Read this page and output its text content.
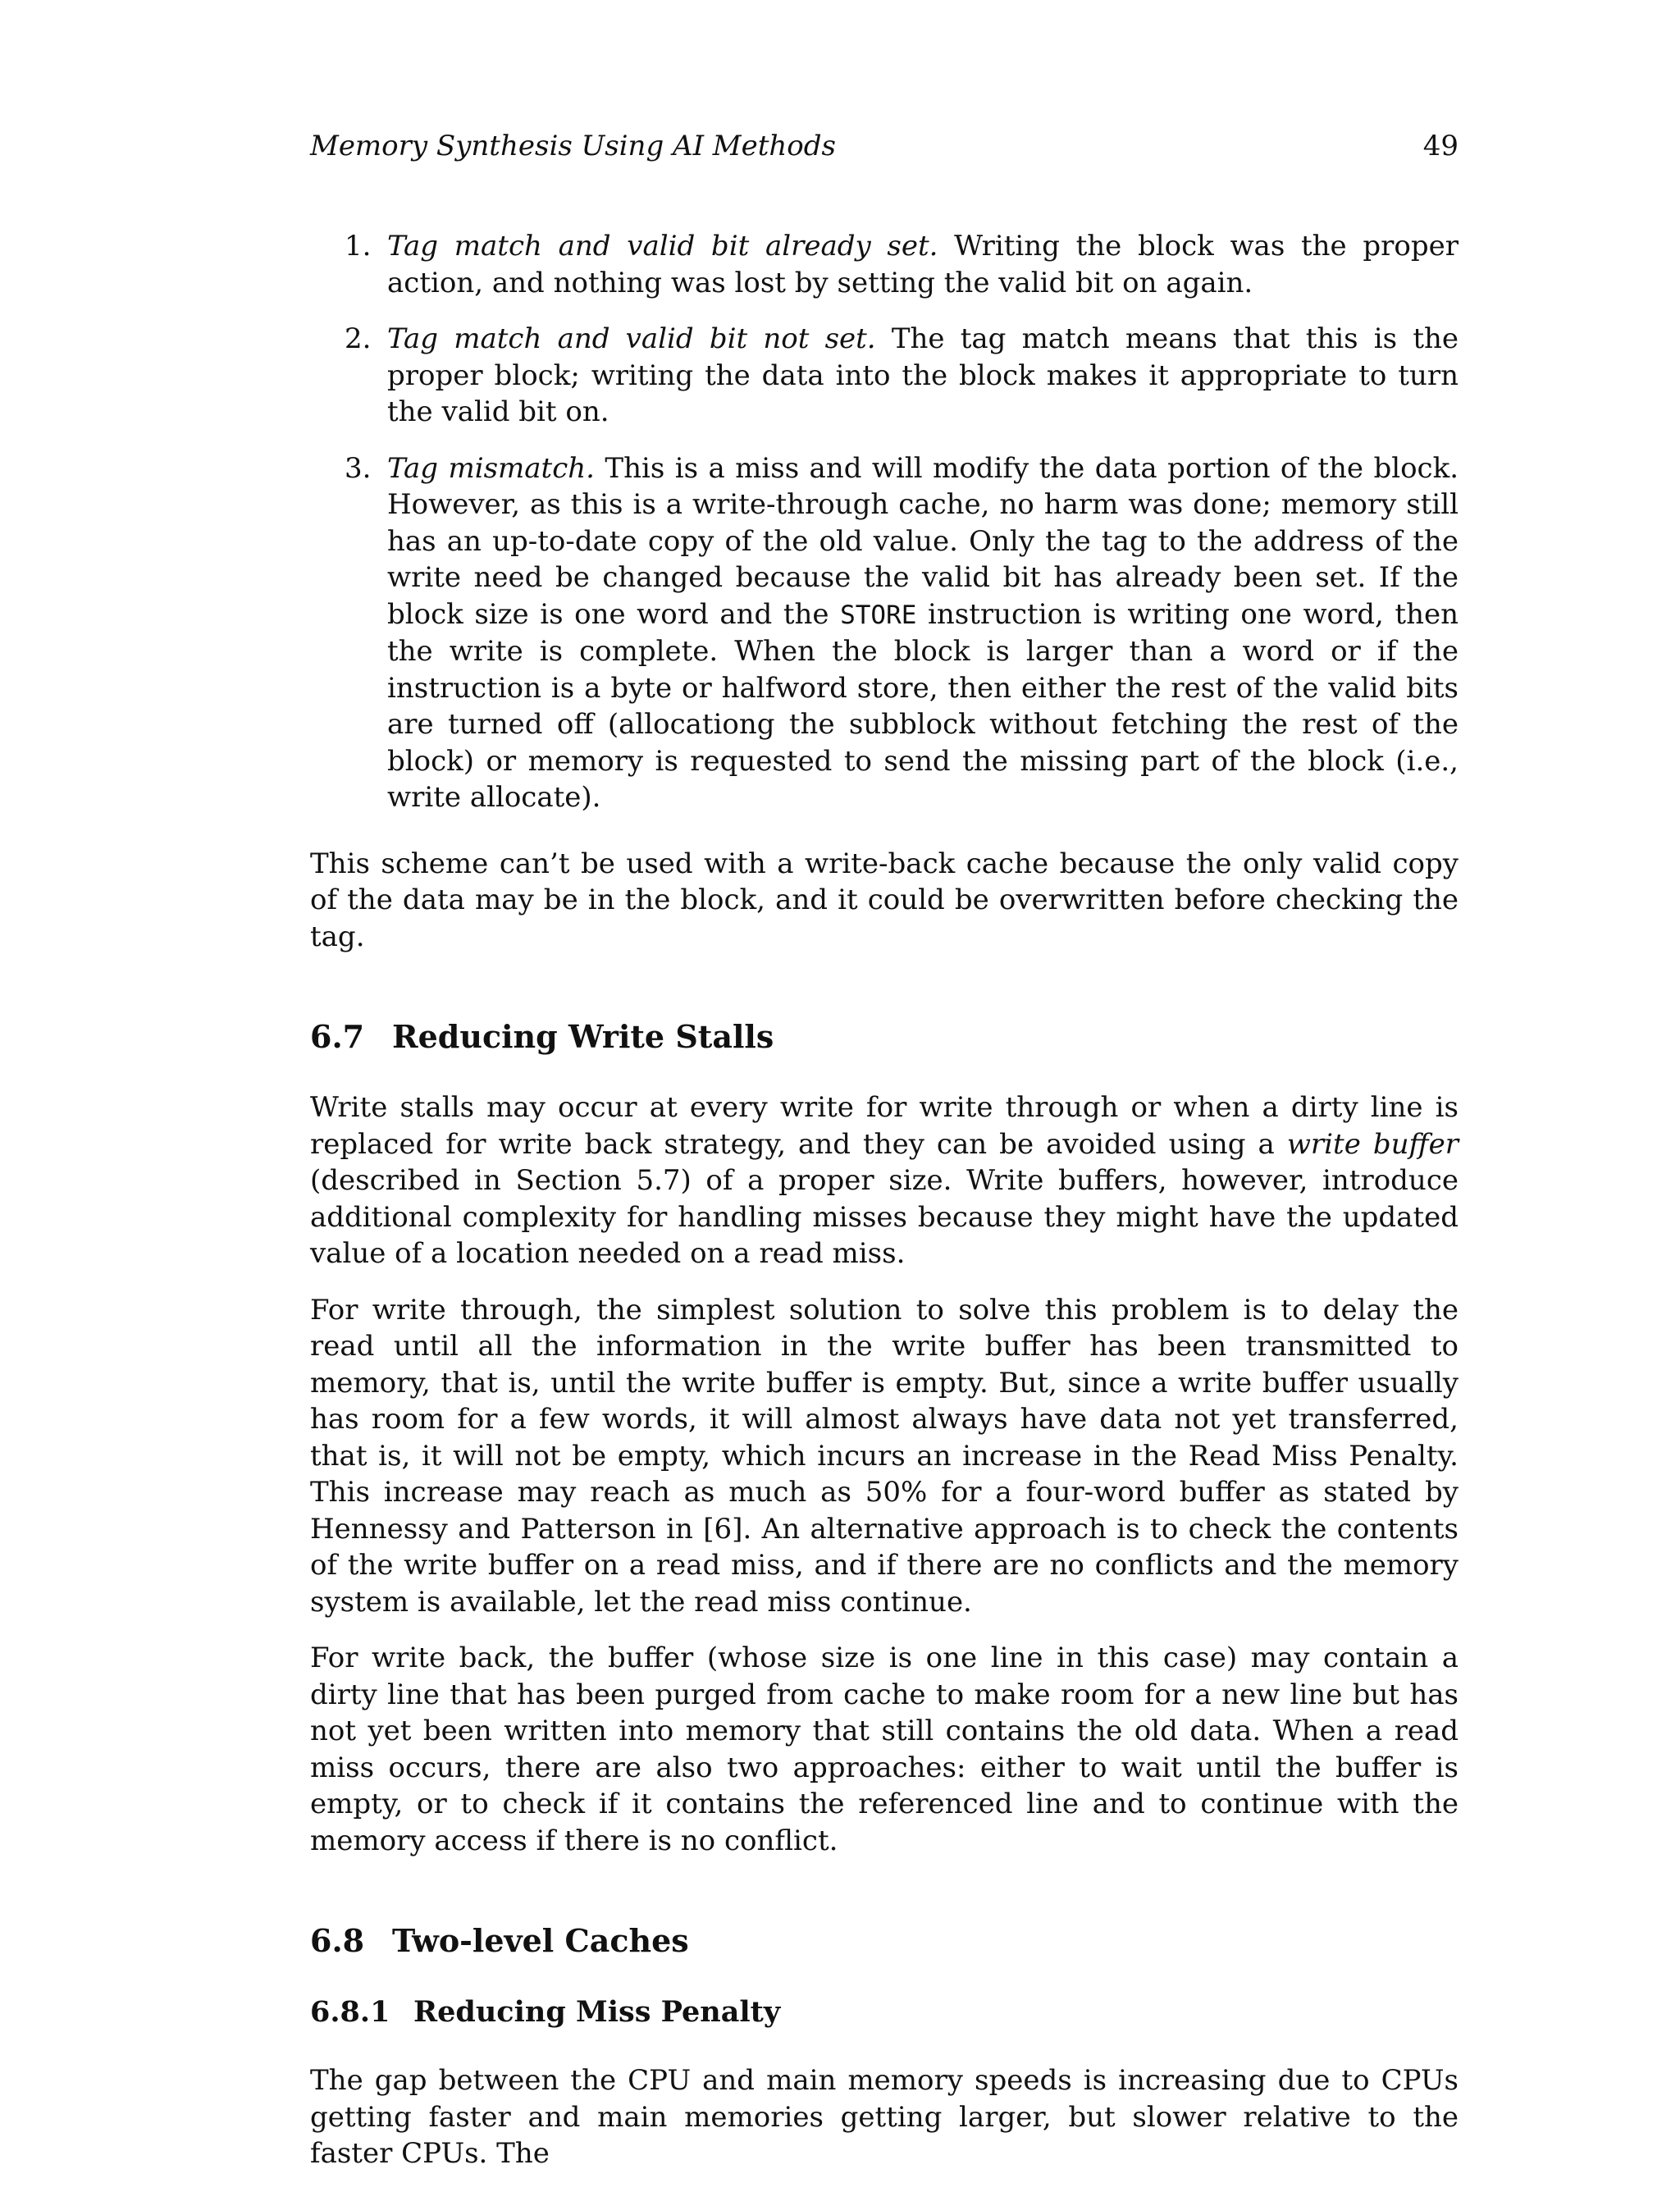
Memory Synthesis Using AI Methods	49
1. Tag match and valid bit already set. Writing the block was the proper action, and nothing was lost by setting the valid bit on again.
2. Tag match and valid bit not set. The tag match means that this is the proper block; writing the data into the block makes it appropriate to turn the valid bit on.
3. Tag mismatch. This is a miss and will modify the data portion of the block. However, as this is a write-through cache, no harm was done; memory still has an up-to-date copy of the old value. Only the tag to the address of the write need be changed because the valid bit has already been set. If the block size is one word and the STORE instruction is writing one word, then the write is complete. When the block is larger than a word or if the instruction is a byte or halfword store, then either the rest of the valid bits are turned off (allocationg the subblock without fetching the rest of the block) or memory is requested to send the missing part of the block (i.e., write allocate).

This scheme can’t be used with a write-back cache because the only valid copy of the data may be in the block, and it could be overwritten before checking the tag.

6.7 Reducing Write Stalls

Write stalls may occur at every write for write through or when a dirty line is replaced for write back strategy, and they can be avoided using a write buffer (described in Section 5.7) of a proper size. Write buffers, however, introduce additional complexity for handling misses because they might have the updated value of a location needed on a read miss.

For write through, the simplest solution to solve this problem is to delay the read until all the information in the write buffer has been transmitted to memory, that is, until the write buffer is empty. But, since a write buffer usually has room for a few words, it will almost always have data not yet transferred, that is, it will not be empty, which incurs an increase in the Read Miss Penalty. This increase may reach as much as 50% for a four-word buffer as stated by Hennessy and Patterson in [6]. An alternative approach is to check the contents of the write buffer on a read miss, and if there are no conflicts and the memory system is available, let the read miss continue.

For write back, the buffer (whose size is one line in this case) may contain a dirty line that has been purged from cache to make room for a new line but has not yet been written into memory that still contains the old data. When a read miss occurs, there are also two approaches: either to wait until the buffer is empty, or to check if it contains the referenced line and to continue with the memory access if there is no conflict.

6.8 Two-level Caches
6.8.1 Reducing Miss Penalty

The gap between the CPU and main memory speeds is increasing due to CPUs getting faster and main memories getting larger, but slower relative to the faster CPUs. The
